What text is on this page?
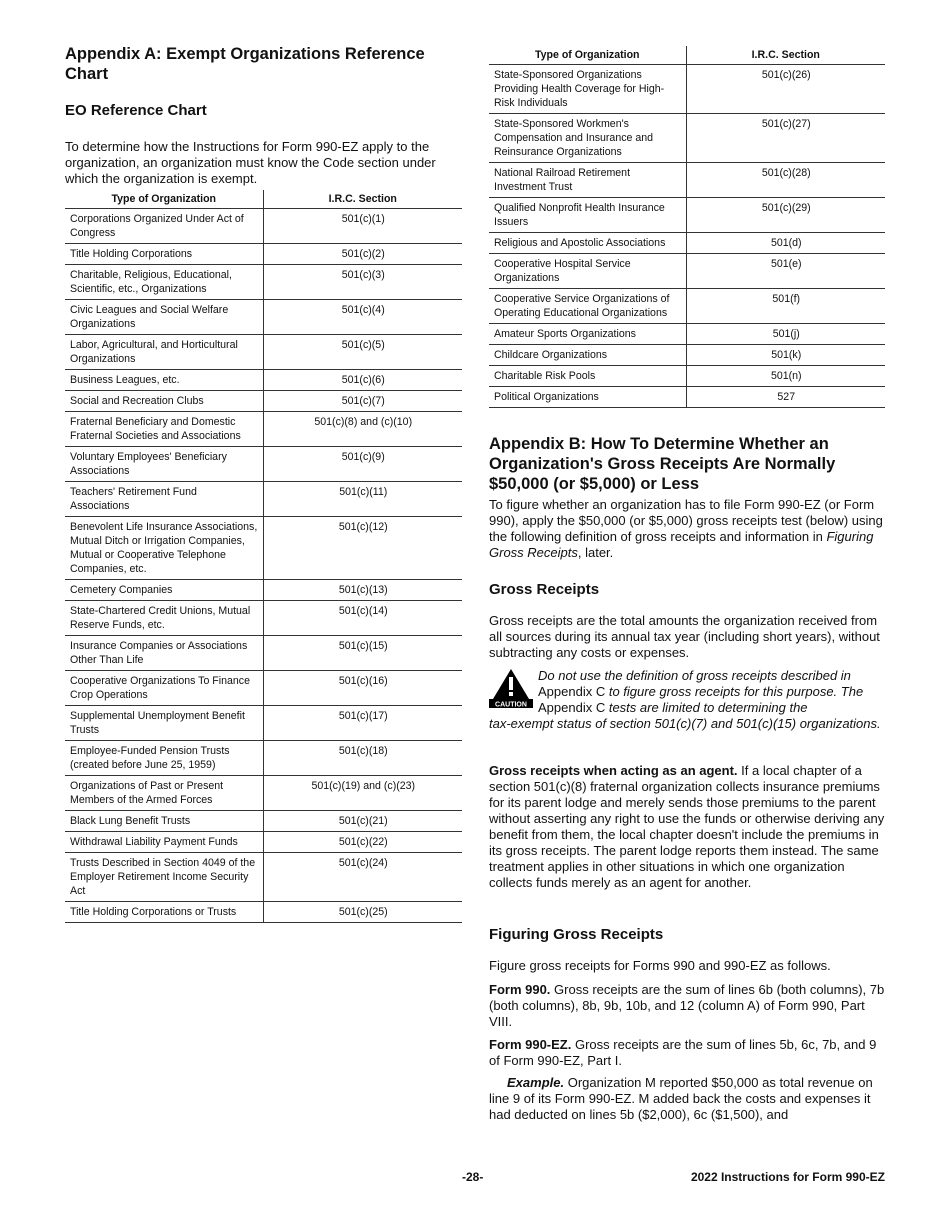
Appendix A: Exempt Organizations Reference Chart
EO Reference Chart
To determine how the Instructions for Form 990-EZ apply to the organization, an organization must know the Code section under which the organization is exempt.
Type of Organization	I.R.C. Section
Corporations Organized Under Act of Congress	501(c)(1)
Title Holding Corporations	501(c)(2)
Charitable, Religious, Educational, Scientific, etc., Organizations	501(c)(3)
Civic Leagues and Social Welfare Organizations	501(c)(4)
Labor, Agricultural, and Horticultural Organizations	501(c)(5)
Business Leagues, etc.	501(c)(6)
Social and Recreation Clubs	501(c)(7)
Fraternal Beneficiary and Domestic Fraternal Societies and Associations	501(c)(8) and (c)(10)
Voluntary Employees' Beneficiary Associations	501(c)(9)
Teachers' Retirement Fund Associations	501(c)(11)
Benevolent Life Insurance Associations, Mutual Ditch or Irrigation Companies, Mutual or Cooperative Telephone Companies, etc.	501(c)(12)
Cemetery Companies	501(c)(13)
State-Chartered Credit Unions, Mutual Reserve Funds, etc.	501(c)(14)
Insurance Companies or Associations Other Than Life	501(c)(15)
Cooperative Organizations To Finance Crop Operations	501(c)(16)
Supplemental Unemployment Benefit Trusts	501(c)(17)
Employee-Funded Pension Trusts (created before June 25, 1959)	501(c)(18)
Organizations of Past or Present Members of the Armed Forces	501(c)(19) and (c)(23)
Black Lung Benefit Trusts	501(c)(21)
Withdrawal Liability Payment Funds	501(c)(22)
Trusts Described in Section 4049 of the Employer Retirement Income Security Act	501(c)(24)
Title Holding Corporations or Trusts	501(c)(25)
Type of Organization	I.R.C. Section
State-Sponsored Organizations Providing Health Coverage for High-Risk Individuals	501(c)(26)
State-Sponsored Workmen's Compensation and Insurance and Reinsurance Organizations	501(c)(27)
National Railroad Retirement Investment Trust	501(c)(28)
Qualified Nonprofit Health Insurance Issuers	501(c)(29)
Religious and Apostolic Associations	501(d)
Cooperative Hospital Service Organizations	501(e)
Cooperative Service Organizations of Operating Educational Organizations	501(f)
Amateur Sports Organizations	501(j)
Childcare Organizations	501(k)
Charitable Risk Pools	501(n)
Political Organizations	527
Appendix B: How To Determine Whether an Organization's Gross Receipts Are Normally $50,000 (or $5,000) or Less
To figure whether an organization has to file Form 990-EZ (or Form 990), apply the $50,000 (or $5,000) gross receipts test (below) using the following definition of gross receipts and information in Figuring Gross Receipts, later.
Gross Receipts
Gross receipts are the total amounts the organization received from all sources during its annual tax year (including short years), without subtracting any costs or expenses.
CAUTION
Do not use the definition of gross receipts described in
Appendix C to figure gross receipts for this purpose. The
Appendix C tests are limited to determining the
tax-exempt status of section 501(c)(7) and 501(c)(15) organizations.
Gross receipts when acting as an agent. If a local chapter of a section 501(c)(8) fraternal organization collects insurance premiums for its parent lodge and merely sends those premiums to the parent without asserting any right to use the funds or otherwise deriving any benefit from them, the local chapter doesn't include the premiums in its gross receipts. The parent lodge reports them instead. The same treatment applies in other situations in which one organization collects funds merely as an agent for another.
Figuring Gross Receipts
Figure gross receipts for Forms 990 and 990-EZ as follows.
Form 990. Gross receipts are the sum of lines 6b (both columns), 7b (both columns), 8b, 9b, 10b, and 12 (column A) of Form 990, Part VIII.
Form 990-EZ. Gross receipts are the sum of lines 5b, 6c, 7b, and 9 of Form 990-EZ, Part I.
Example. Organization M reported $50,000 as total revenue on line 9 of its Form 990-EZ. M added back the costs and expenses it had deducted on lines 5b ($2,000), 6c ($1,500), and
-28-	2022 Instructions for Form 990-EZ
